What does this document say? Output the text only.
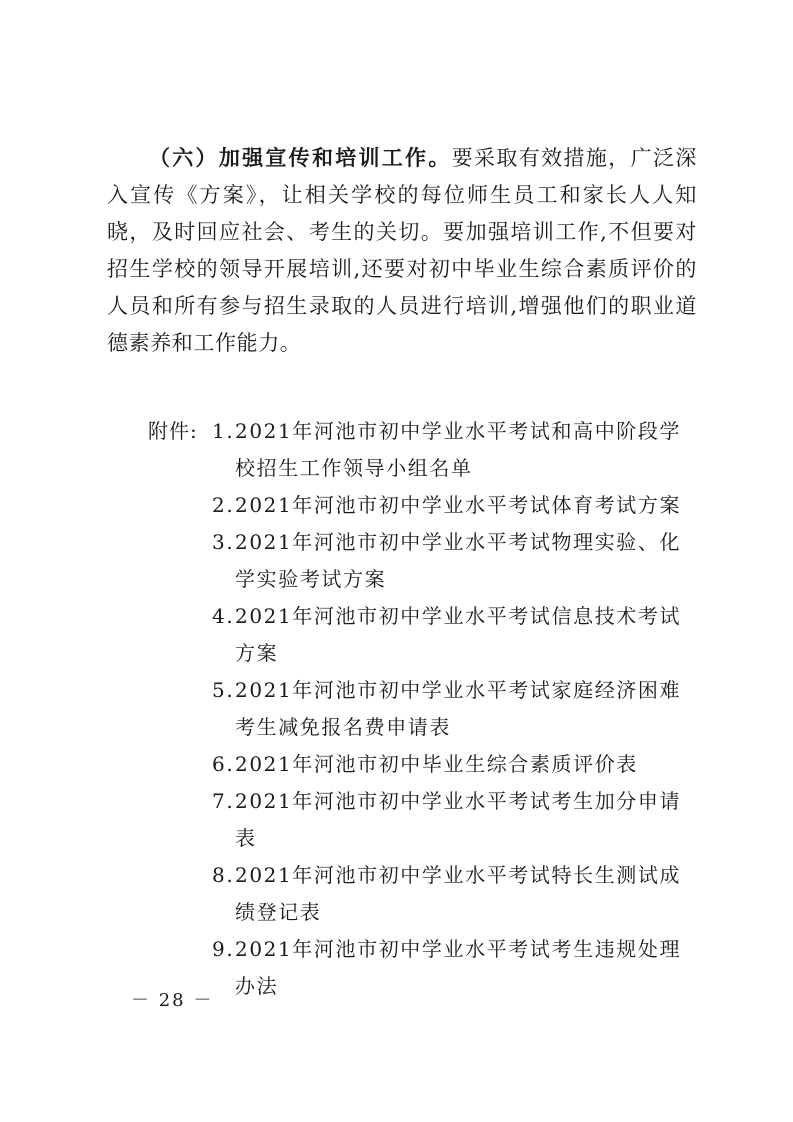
（六）加强宣传和培训工作。要采取有效措施，广泛深入宣传《方案》，让相关学校的每位师生员工和家长人人知晓，及时回应社会、考生的关切。要加强培训工作,不但要对招生学校的领导开展培训,还要对初中毕业生综合素质评价的人员和所有参与招生录取的人员进行培训,增强他们的职业道德素养和工作能力。

附件: 1. 2021年河池市初中学业水平考试和高中阶段学校招生工作领导小组名单
2. 2021年河池市初中学业水平考试体育考试方案
3. 2021年河池市初中学业水平考试物理实验、化学实验考试方案
4. 2021年河池市初中学业水平考试信息技术考试方案
5. 2021年河池市初中学业水平考试家庭经济困难考生减免报名费申请表
6. 2021年河池市初中毕业生综合素质评价表
7. 2021年河池市初中学业水平考试考生加分申请表
8. 2021年河池市初中学业水平考试特长生测试成绩登记表
9. 2021年河池市初中学业水平考试考生违规处理办法

－ 28 －
